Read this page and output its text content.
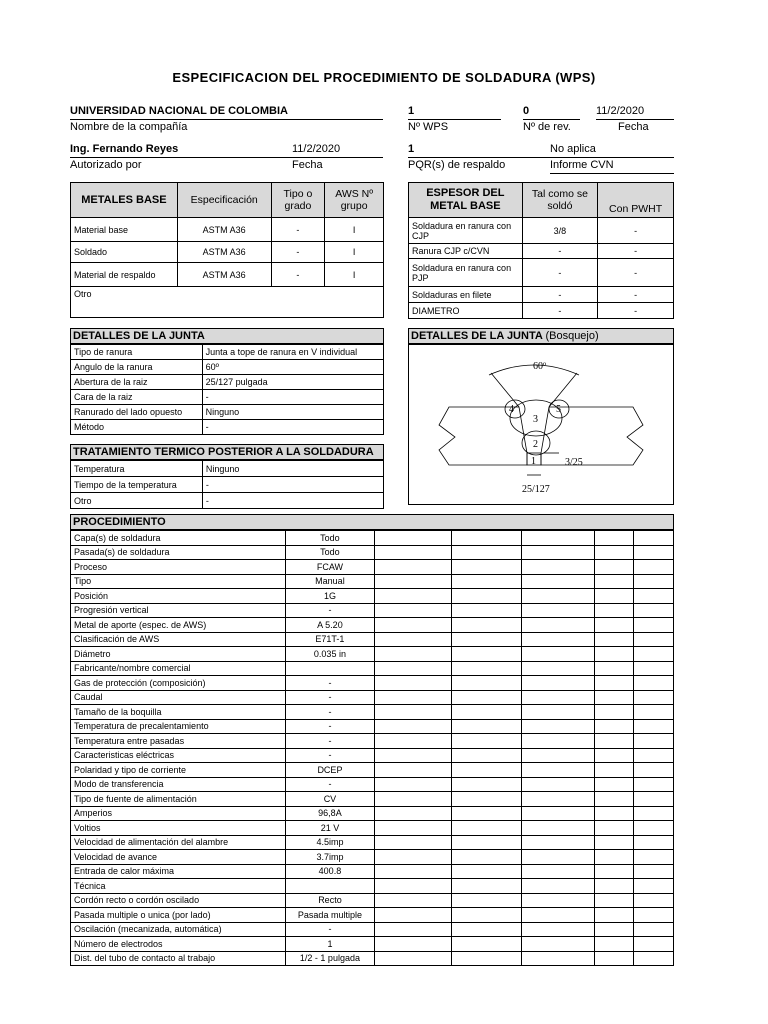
ESPECIFICACION DEL PROCEDIMIENTO DE SOLDADURA (WPS)
UNIVERSIDAD NACIONAL DE COLOMBIA
Nombre de la compañía
1
Nº WPS
0
Nº de rev.
11/2/2020
Fecha
Ing. Fernando Reyes
Autorizado por
11/2/2020
Fecha
1
PQR(s) de respaldo
No aplica
Informe CVN
METALES BASE	Especificación	Tipo o grado	AWS Nº grupo
Material base	ASTM A36	-	I
Soldado	ASTM A36	-	I
Material de respaldo	ASTM A36	-	I
Otro			
ESPESOR DEL METAL BASE	Tal como se soldó	Con PWHT
Soldadura en ranura con CJP	3/8	-
Ranura CJP c/CVN	-	-
Soldadura en ranura con PJP	-	-
Soldaduras en filete	-	-
DIAMETRO	-	-
DETALLES DE LA JUNTA
Tipo de ranura	Junta a tope de ranura en V individual
Angulo de la ranura	60º
Abertura de la raiz	25/127 pulgada
Cara de la raiz	-
Ranurado del lado opuesto	Ninguno
Método	-
DETALLES DE LA JUNTA (Bosquejo)
60º
1
2
3
4	5
3/25
25/127
TRATAMIENTO TERMICO POSTERIOR A LA SOLDADURA
Temperatura	Ninguno
Tiempo de la temperatura	-
Otro	-
PROCEDIMIENTO
Capa(s) de soldadura	Todo					
Pasada(s) de soldadura	Todo					
Proceso	FCAW					
Tipo	Manual					
Posición	1G					
Progresión vertical	-					
Metal de aporte (espec. de AWS)	A 5.20					
Clasificación de AWS	E71T-1					
Diámetro	0.035 in					
Fabricante/nombre comercial						
Gas de protección (composición)	-					
Caudal	-					
Tamaño de la boquilla	-					
Temperatura de precalentamiento	-					
Temperatura entre pasadas	-					
Caracteristicas eléctricas	-					
Polaridad y tipo de corriente	DCEP					
Modo de transferencia	-					
Tipo de fuente de alimentación	CV					
Amperios	96,8A					
Voltios	21 V					
Velocidad de alimentación del alambre	4.5imp					
Velocidad de avance	3.7imp					
Entrada de calor máxima	400.8					
Técnica						
Cordón recto o cordón oscilado	Recto					
Pasada multiple o unica (por lado)	Pasada multiple					
Oscilación (mecanizada, automática)	-					
Número de electrodos	1					
Dist. del tubo de contacto al trabajo	1/2 - 1 pulgada					
